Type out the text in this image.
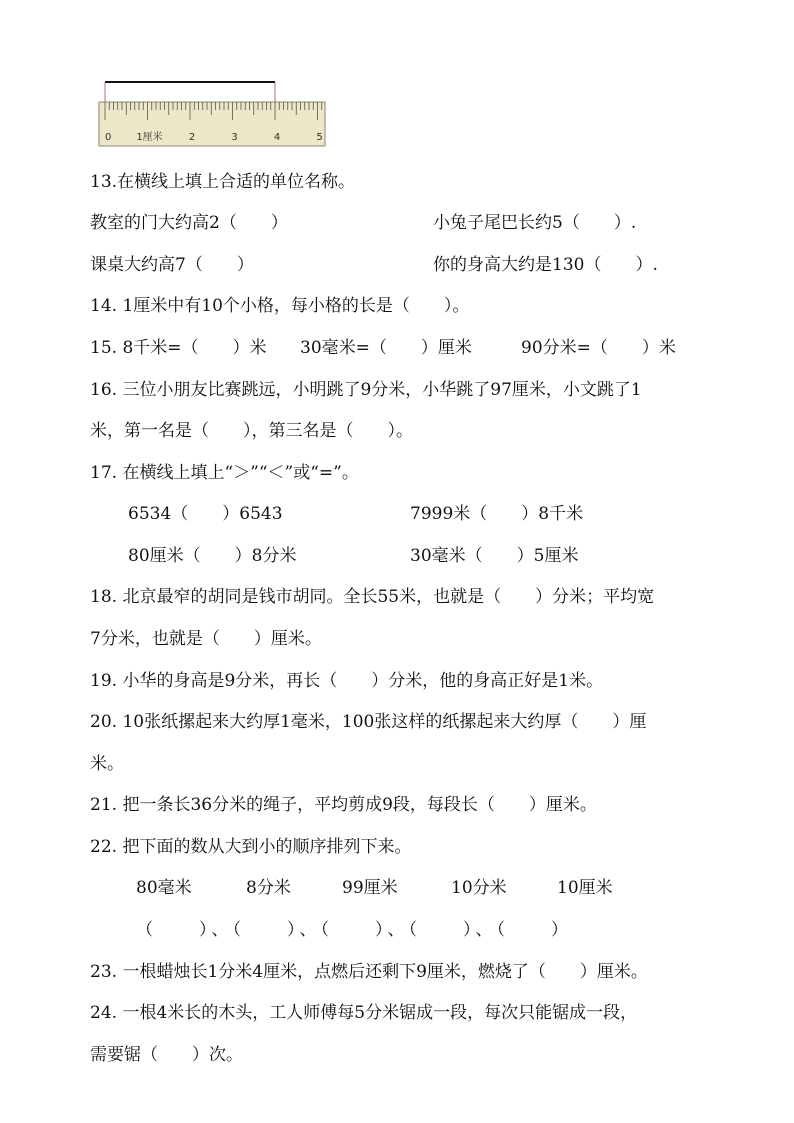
0 1厘米	2	3	4	5
13.在横线上填上合适的单位名称。
教室的门大约高2（　　）	小兔子尾巴长约5（　　）.
课桌大约高7（　　）	你的身高大约是130（　　）.
14. 1厘米中有10个小格，每小格的长是（　　）。
15. 8千米=（　　）米 30毫米=（　　）厘米	90分米=（　　）米
16. 三位小朋友比赛跳远，小明跳了9分米，小华跳了97厘米，小文跳了1
米，第一名是（　　），第三名是（　　）。
17. 在横线上填上“＞”“＜”或“=”。
6534（　　）6543	7999米（　　）8千米
80厘米（　　）8分米	30毫米（　　）5厘米
18. 北京最窄的胡同是钱市胡同。全长55米，也就是（　　）分米；平均宽
7分米，也就是（　　）厘米。
19. 小华的身高是9分米，再长（　　）分米，他的身高正好是1米。
20. 10张纸摞起来大约厚1毫米，100张这样的纸摞起来大约厚（　　）厘
米。
21. 把一条长36分米的绳子，平均剪成9段，每段长（　　）厘米。
22. 把下面的数从大到小的顺序排列下来。
80毫米	8分米	99厘米	10分米	10厘米
（　　）、（　　）、（　　）、（　　）、（　　）
23. 一根蜡烛长1分米4厘米，点燃后还剩下9厘米，燃烧了（　　）厘米。
24. 一根4米长的木头，工人师傅每5分米锯成一段，每次只能锯成一段，
需要锯（　　）次。
